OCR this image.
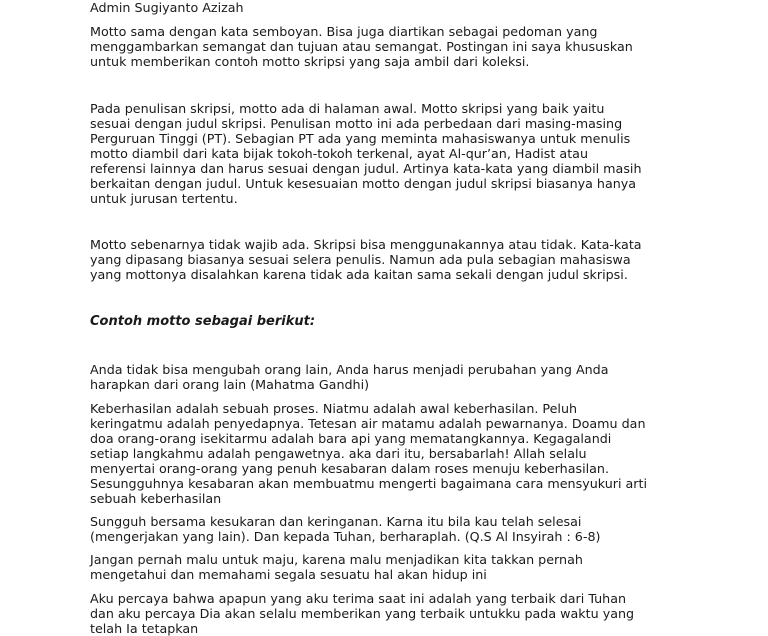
Admin Sugiyanto Azizah

Motto sama dengan kata semboyan. Bisa juga diartikan sebagai pedoman yang
menggambarkan semangat dan tujuan atau semangat. Postingan ini saya khususkan
untuk memberikan contoh motto skripsi yang saja ambil dari koleksi.

Pada penulisan skripsi, motto ada di halaman awal. Motto skripsi yang baik yaitu
sesuai dengan judul skripsi. Penulisan motto ini ada perbedaan dari masing-masing
Perguruan Tinggi (PT). Sebagian PT ada yang meminta mahasiswanya untuk menulis
motto diambil dari kata bijak tokoh-tokoh terkenal, ayat Al-qur’an, Hadist atau
referensi lainnya dan harus sesuai dengan judul. Artinya kata-kata yang diambil masih
berkaitan dengan judul. Untuk kesesuaian motto dengan judul skripsi biasanya hanya
untuk jurusan tertentu.

Motto sebenarnya tidak wajib ada. Skripsi bisa menggunakannya atau tidak. Kata-kata
yang dipasang biasanya sesuai selera penulis. Namun ada pula sebagian mahasiswa
yang mottonya disalahkan karena tidak ada kaitan sama sekali dengan judul skripsi.

Contoh motto sebagai berikut:

Anda tidak bisa mengubah orang lain, Anda harus menjadi perubahan yang Anda
harapkan dari orang lain (Mahatma Gandhi)

Keberhasilan adalah sebuah proses. Niatmu adalah awal keberhasilan. Peluh
keringatmu adalah penyedapnya. Tetesan air matamu adalah pewarnanya. Doamu dan
doa orang-orang isekitarmu adalah bara api yang mematangkannya. Kegagalandi
setiap langkahmu adalah pengawetnya. aka dari itu, bersabarlah! Allah selalu
menyertai orang-orang yang penuh kesabaran dalam roses menuju keberhasilan.
Sesungguhnya kesabaran akan membuatmu mengerti bagaimana cara mensyukuri arti
sebuah keberhasilan

Sungguh bersama kesukaran dan keringanan. Karna itu bila kau telah selesai
(mengerjakan yang lain). Dan kepada Tuhan, berharaplah. (Q.S Al Insyirah : 6-8)

Jangan pernah malu untuk maju, karena malu menjadikan kita takkan pernah
mengetahui dan memahami segala sesuatu hal akan hidup ini

Aku percaya bahwa apapun yang aku terima saat ini adalah yang terbaik dari Tuhan
dan aku percaya Dia akan selalu memberikan yang terbaik untukku pada waktu yang
telah Ia tetapkan
